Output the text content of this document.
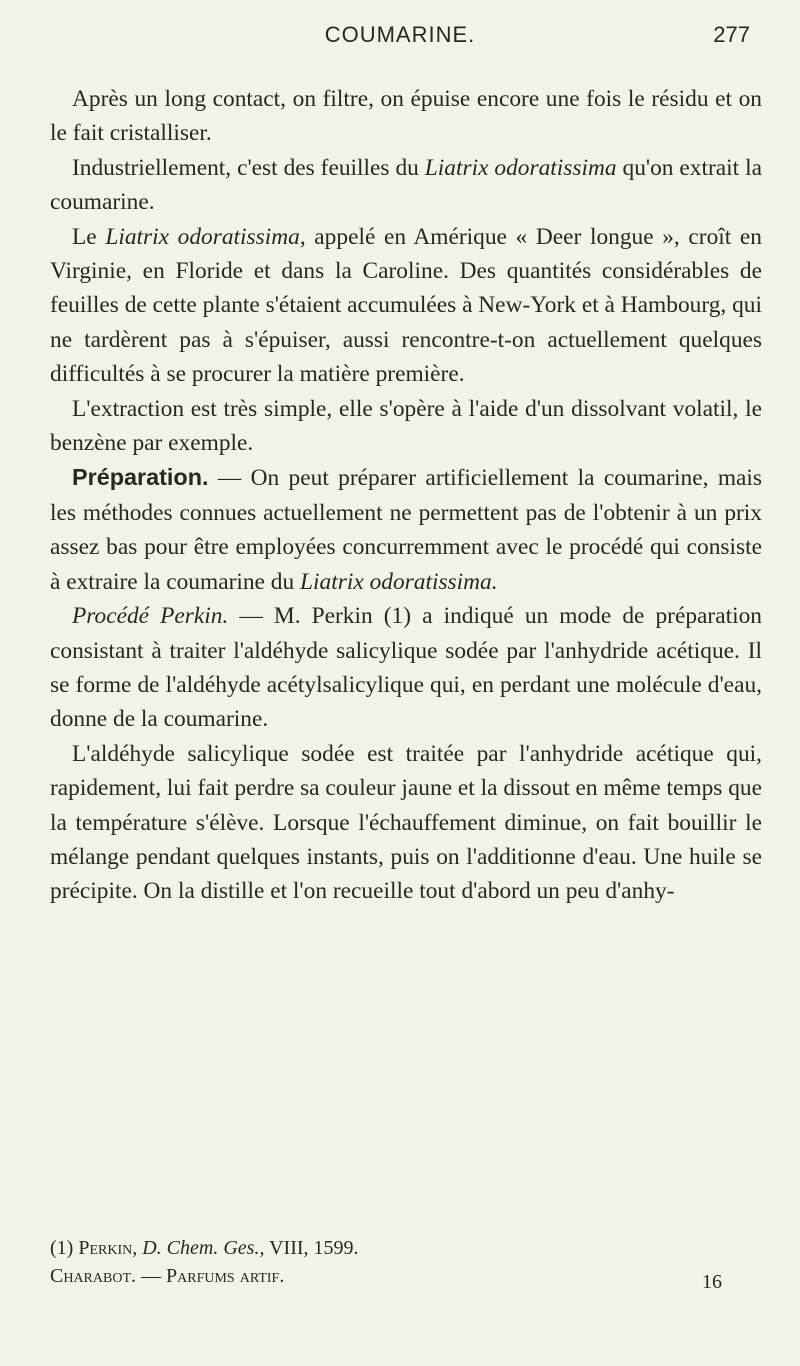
COUMARINE.	277

Après un long contact, on filtre, on épuise encore une fois le résidu et on le fait cristalliser.

Industriellement, c'est des feuilles du Liatrix odoratissima qu'on extrait la coumarine.

Le Liatrix odoratissima, appelé en Amérique « Deer longue », croît en Virginie, en Floride et dans la Caroline. Des quantités considérables de feuilles de cette plante s'étaient accumulées à New-York et à Hambourg, qui ne tardèrent pas à s'épuiser, aussi rencontre-t-on actuellement quelques difficultés à se procurer la matière première.

L'extraction est très simple, elle s'opère à l'aide d'un dissolvant volatil, le benzène par exemple.

Préparation. — On peut préparer artificiellement la coumarine, mais les méthodes connues actuellement ne permettent pas de l'obtenir à un prix assez bas pour être employées concurremment avec le procédé qui consiste à extraire la coumarine du Liatrix odoratissima.

Procédé Perkin. — M. Perkin (1) a indiqué un mode de préparation consistant à traiter l'aldéhyde salicylique sodée par l'anhydride acétique. Il se forme de l'aldéhyde acétylsalicylique qui, en perdant une molécule d'eau, donne de la coumarine.

L'aldéhyde salicylique sodée est traitée par l'anhydride acétique qui, rapidement, lui fait perdre sa couleur jaune et la dissout en même temps que la température s'élève. Lorsque l'échauffement diminue, on fait bouillir le mélange pendant quelques instants, puis on l'additionne d'eau. Une huile se précipite. On la distille et l'on recueille tout d'abord un peu d'anhy-

(1) Perkin, D. Chem. Ges., VIII, 1599.
Charabot. — Parfums artif.	16
